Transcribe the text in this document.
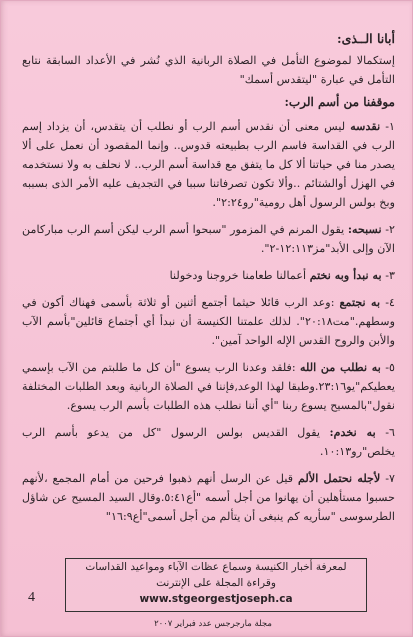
أبانا الــذى:

إستكمالا لموضوع التأمل في الصلاة الربانية الذي نُشر في الأعداد السابقة نتابع التأمل في عبارة "ليتقدس أسمك"

موقفنا من أسم الرب:

١- نقدسه ليس معنى أن نقدس أسم الرب أو نطلب أن يتقدس، أن يزداد إسم الرب في القداسة فاسم الرب بطبيعته قدوس.. وإنما المقصود أن نعمل على ألا يصدر منا في حياتنا ألا كل ما يتفق مع قداسة أسم الرب.. لا نحلف به ولا نستخدمه في الهزل أوالشتائم ..وألا تكون تصرفاتنا سببا في التجديف عليه الأمر الذى بسببه وبخ بولس الرسول أهل رومية"رو٢:٢٤".

٢- نسبحه: يقول المرنم في المزمور "سبحوا أسم الرب ليكن أسم الرب مباركامن الآن وإلى الأبد"مز١٢:١١٣-٢".

٣- به نبدأ وبه نختم أعمالنا طعامنا خروجنا ودخولنا

٤- به نجتمع :وعد الرب قائلا حيثما أجتمع أثنين أو ثلاثة بأسمى فهناك أكون في وسطهم."مت٢٠:١٨". لذلك علمتنا الكنيسة أن نبدأ أي أجتماع قائلين"بأسم الآب والأبن والروح القدس الإله الواحد آمين".

٥- به نطلب من الله :فلقد وعدنا الرب يسوع "أن كل ما طلبتم من الآب بإسمي يعطيكم"يو٢٣:١٦.وطبقا لهذا الوعد,فإننا في الصلاة الربانية وبعد الطلبات المختلفة نقول"بالمسيح يسوع ربنا "أي أننا نطلب هذه الطلبات بأسم الرب يسوع.

٦- به نخدم: يقول القديس بولس الرسول "كل من يدعو بأسم الرب يخلص"رو١٠:١٣.

٧- لأجله نحتمل الألم قيل عن الرسل أنهم ذهبوا فرحين من أمام المجمع ،لأنهم حسبوا مستأهلين أن يهانوا من أجل أسمه "أع٥:٤١.وقال السيد المسيح عن شاؤل الطرسوسى "سأريه كم ينبغى أن يتألم من أجل أسمى"أع١٦:٩"

لمعرفة أخبار الكنيسة وسماع عظات الآباء ومواعيد القداسات
وقراءة المجلة على الإنترنت
www.stgeorgestjoseph.ca
4
مجلة مارجرجس عدد فبراير ٢٠٠٧
